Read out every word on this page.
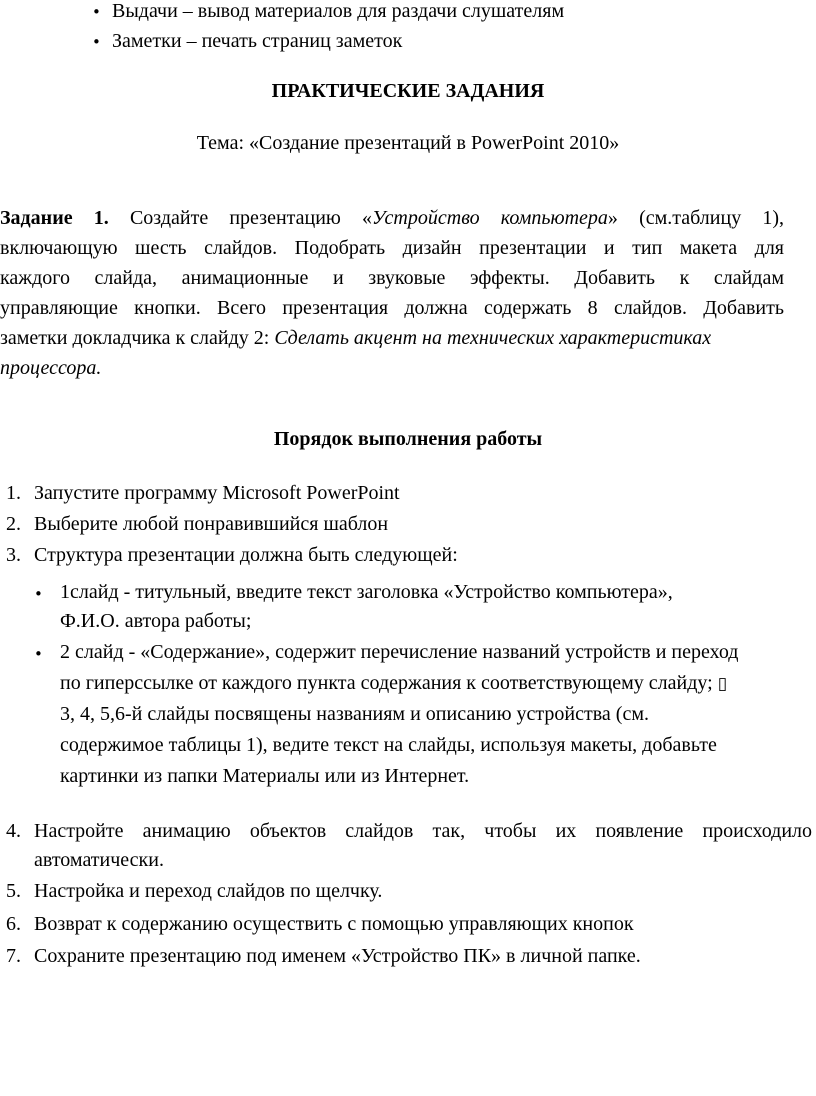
• Выдачи – вывод материалов для раздачи слушателям
• Заметки – печать страниц заметок
ПРАКТИЧЕСКИЕ ЗАДАНИЯ
Тема: «Создание презентаций в PowerPoint 2010»
Задание 1. Создайте презентацию «Устройство компьютера» (см.таблицу 1),
включающую шесть слайдов. Подобрать дизайн презентации и тип макета для
каждого слайда, анимационные и звуковые эффекты. Добавить к слайдам
управляющие кнопки. Всего презентация должна содержать 8 слайдов. Добавить
заметки докладчика к слайду 2: Сделать акцент на технических характеристиках
процессора.
Порядок выполнения работы
1. Запустите программу Microsoft PowerPoint
2. Выберите любой понравившийся шаблон
3. Структура презентации должна быть следующей:
• 1слайд - титульный, введите текст заголовка «Устройство компьютера»,
Ф.И.О. автора работы;
• 2 слайд - «Содержание», содержит перечисление названий устройств и переход
по гиперссылке от каждого пункта содержания к соответствующему слайду; ▯
3, 4, 5,6-й слайды посвящены названиям и описанию устройства (см.
содержимое таблицы 1), ведите текст на слайды, используя макеты, добавьте
картинки из папки Материалы или из Интернет.
4. Настройте анимацию объектов слайдов так, чтобы их появление происходило
автоматически.
5. Настройка и переход слайдов по щелчку.
6. Возврат к содержанию осуществить с помощью управляющих кнопок
7. Сохраните презентацию под именем «Устройство ПК» в личной папке.
